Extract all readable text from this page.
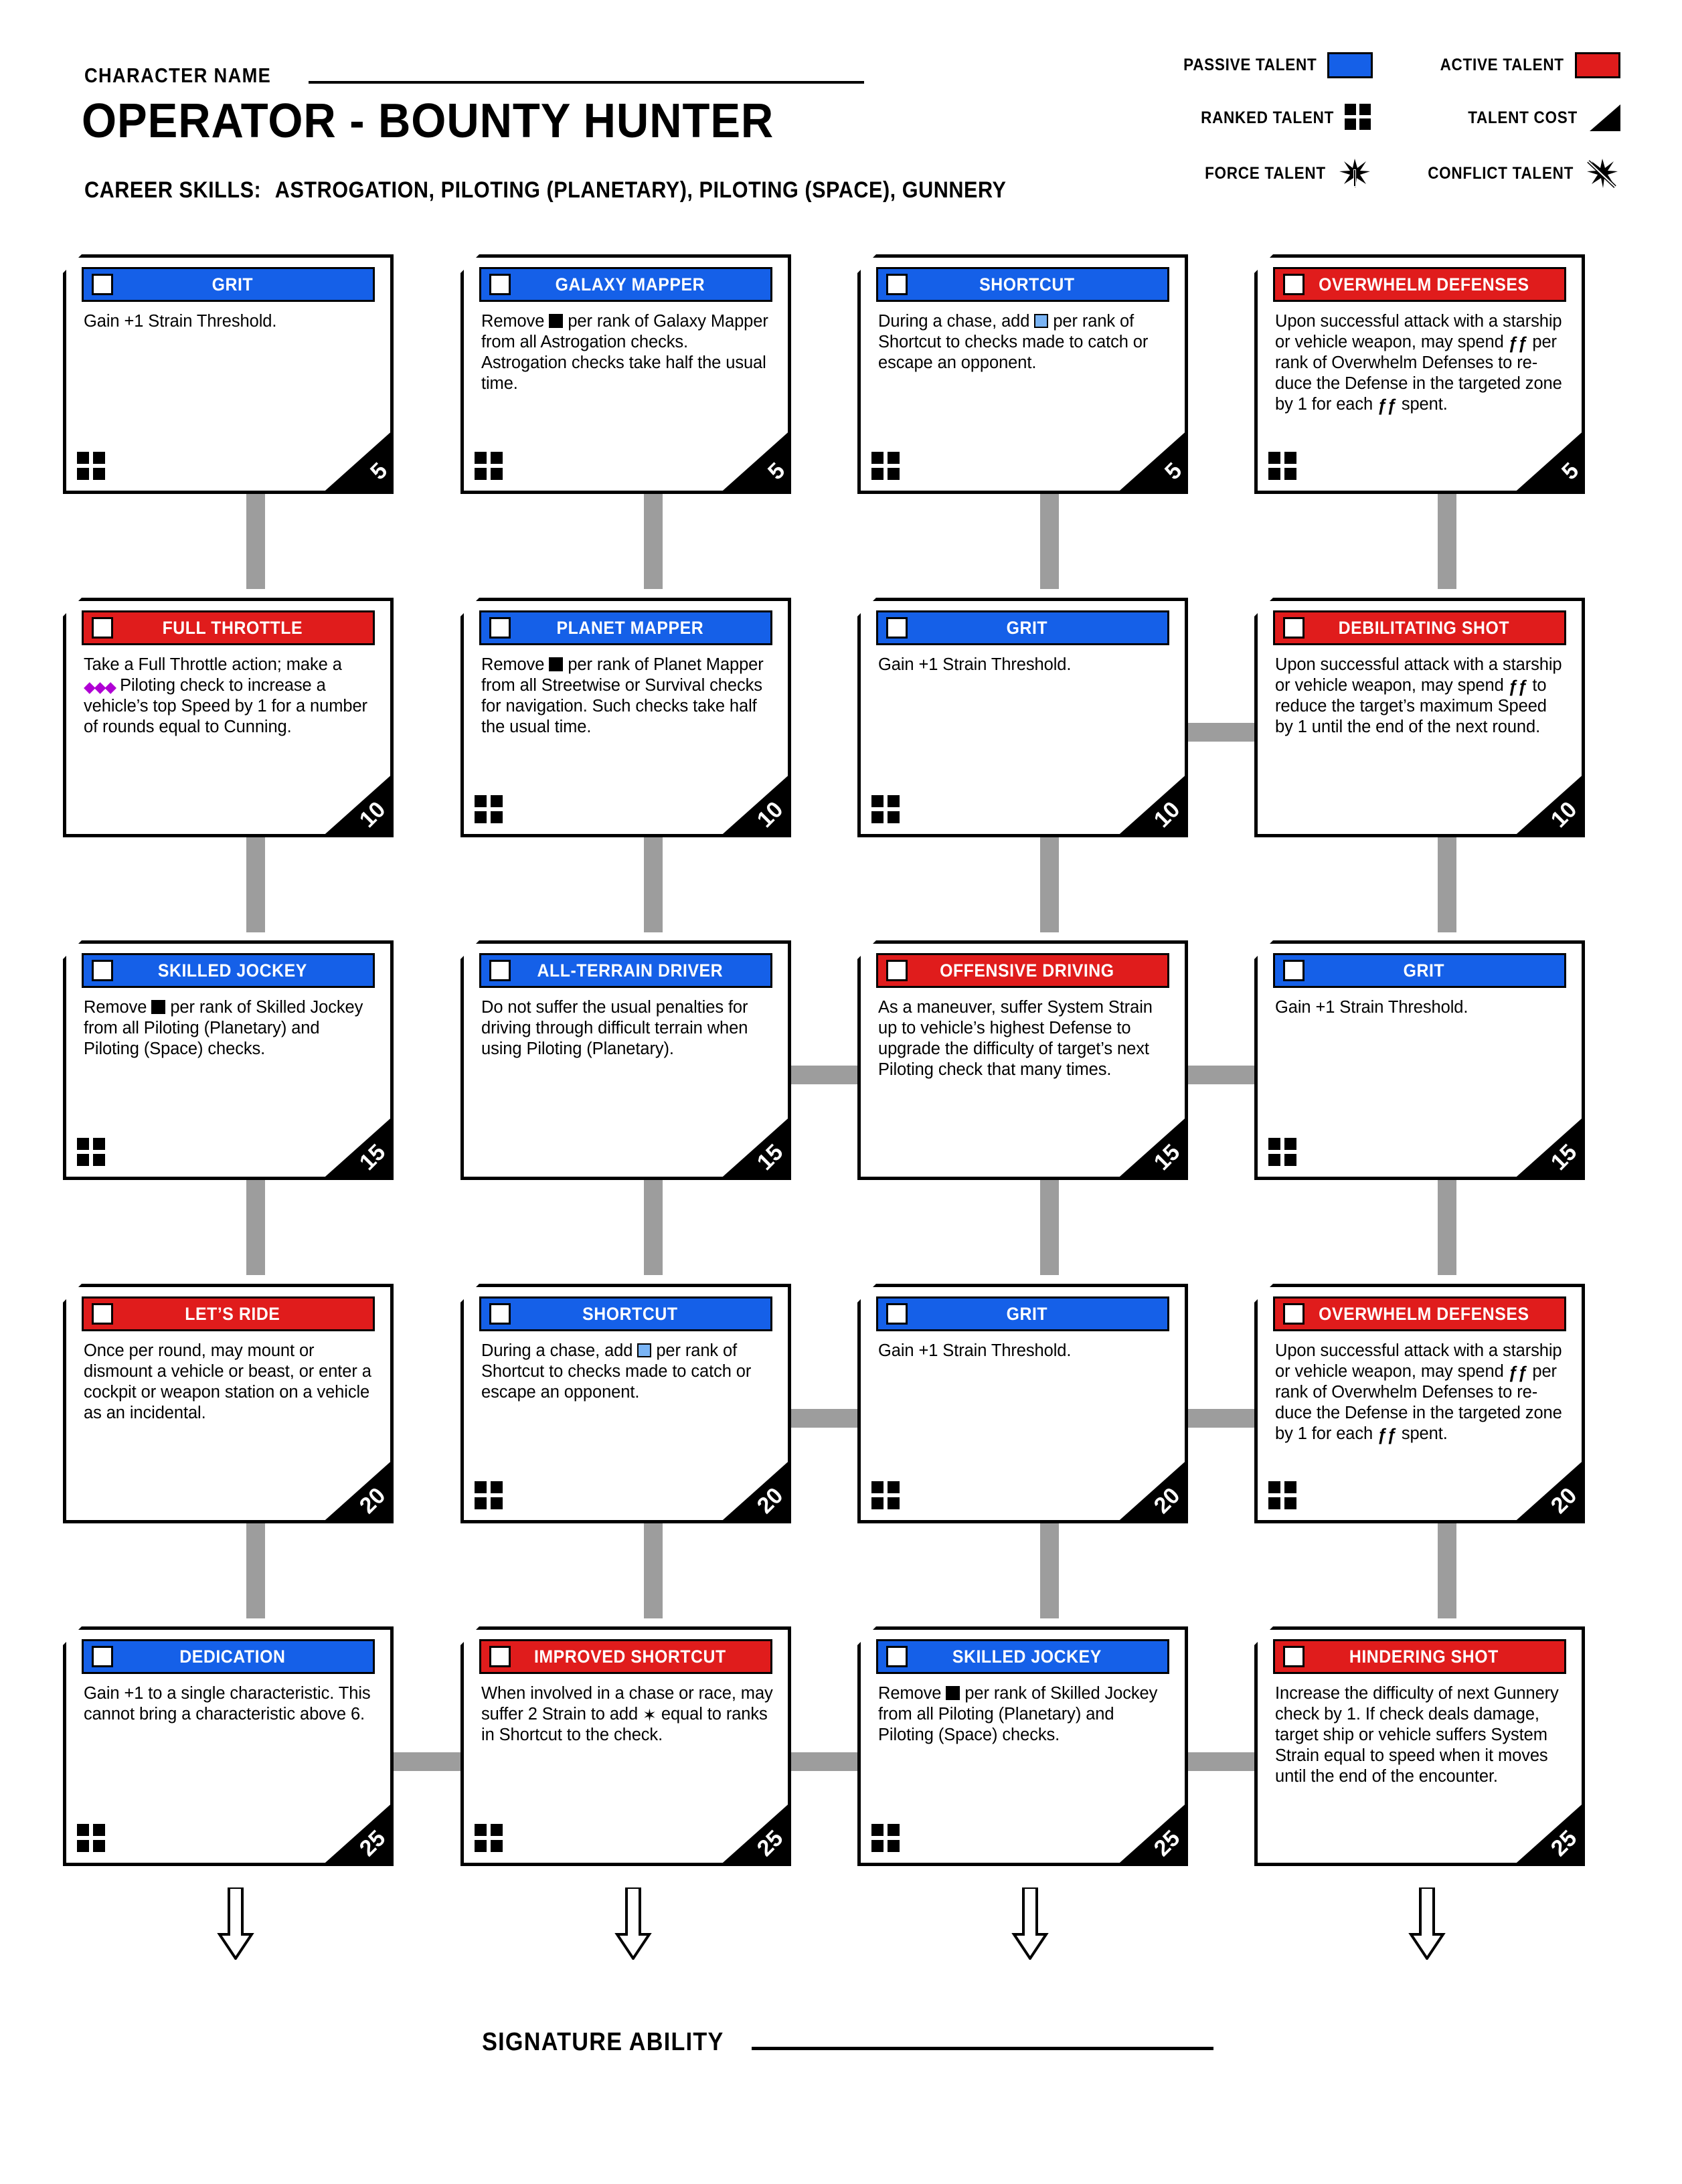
CHARACTER NAME
OPERATOR - BOUNTY HUNTER
CAREER SKILLS: ASTROGATION, PILOTING (PLANETARY), PILOTING (SPACE), GUNNERY
PASSIVE TALENT	ACTIVE TALENT
RANKED TALENT	TALENT COST
FORCE TALENT	CONFLICT TALENT
GRIT
Gain +1 Strain Threshold.
5
GALAXY MAPPER
Remove  per rank of Galaxy Mapper from all Astrogation checks. Astrogation checks take half the usual time.
5
SHORTCUT
During a chase, add  per rank of Shortcut to checks made to catch or escape an opponent.
5
OVERWHELM DEFENSES
Upon successful attack with a starship or vehicle weapon, may spend ƒƒ per rank of Overwhelm Defenses to reduce the Defense in the targeted zone by 1 for each ƒƒ spent.
5
FULL THROTTLE
Take a Full Throttle action; make a ◆◆◆ Piloting check to increase a vehicle’s top Speed by 1 for a number of rounds equal to Cunning.
10
PLANET MAPPER
Remove  per rank of Planet Mapper from all Streetwise or Survival checks for navigation. Such checks take half the usual time.
10
GRIT
Gain +1 Strain Threshold.
10
DEBILITATING SHOT
Upon successful attack with a starship or vehicle weapon, may spend ƒƒ to reduce the target’s maximum Speed by 1 until the end of the next round.
10
SKILLED JOCKEY
Remove  per rank of Skilled Jockey from all Piloting (Planetary) and Piloting (Space) checks.
15
ALL-TERRAIN DRIVER
Do not suffer the usual penalties for driving through difficult terrain when using Piloting (Planetary).
15
OFFENSIVE DRIVING
As a maneuver, suffer System Strain up to vehicle’s highest Defense to upgrade the difficulty of target’s next Piloting check that many times.
15
GRIT
Gain +1 Strain Threshold.
15
LET’S RIDE
Once per round, may mount or dismount a vehicle or beast, or enter a cockpit or weapon station on a vehicle as an incidental.
20
SHORTCUT
During a chase, add  per rank of Shortcut to checks made to catch or escape an opponent.
20
GRIT
Gain +1 Strain Threshold.
20
OVERWHELM DEFENSES
Upon successful attack with a starship or vehicle weapon, may spend ƒƒ per rank of Overwhelm Defenses to reduce the Defense in the targeted zone by 1 for each ƒƒ spent.
20
DEDICATION
Gain +1 to a single characteristic. This cannot bring a characteristic above 6.
25
IMPROVED SHORTCUT
When involved in a chase or race, may suffer 2 Strain to add ✶ equal to ranks in Shortcut to the check.
25
SKILLED JOCKEY
Remove  per rank of Skilled Jockey from all Piloting (Planetary) and Piloting (Space) checks.
25
HINDERING SHOT
Increase the difficulty of next Gunnery check by 1. If check deals damage, target ship or vehicle suffers System Strain equal to speed when it moves until the end of the encounter.
25
SIGNATURE ABILITY
